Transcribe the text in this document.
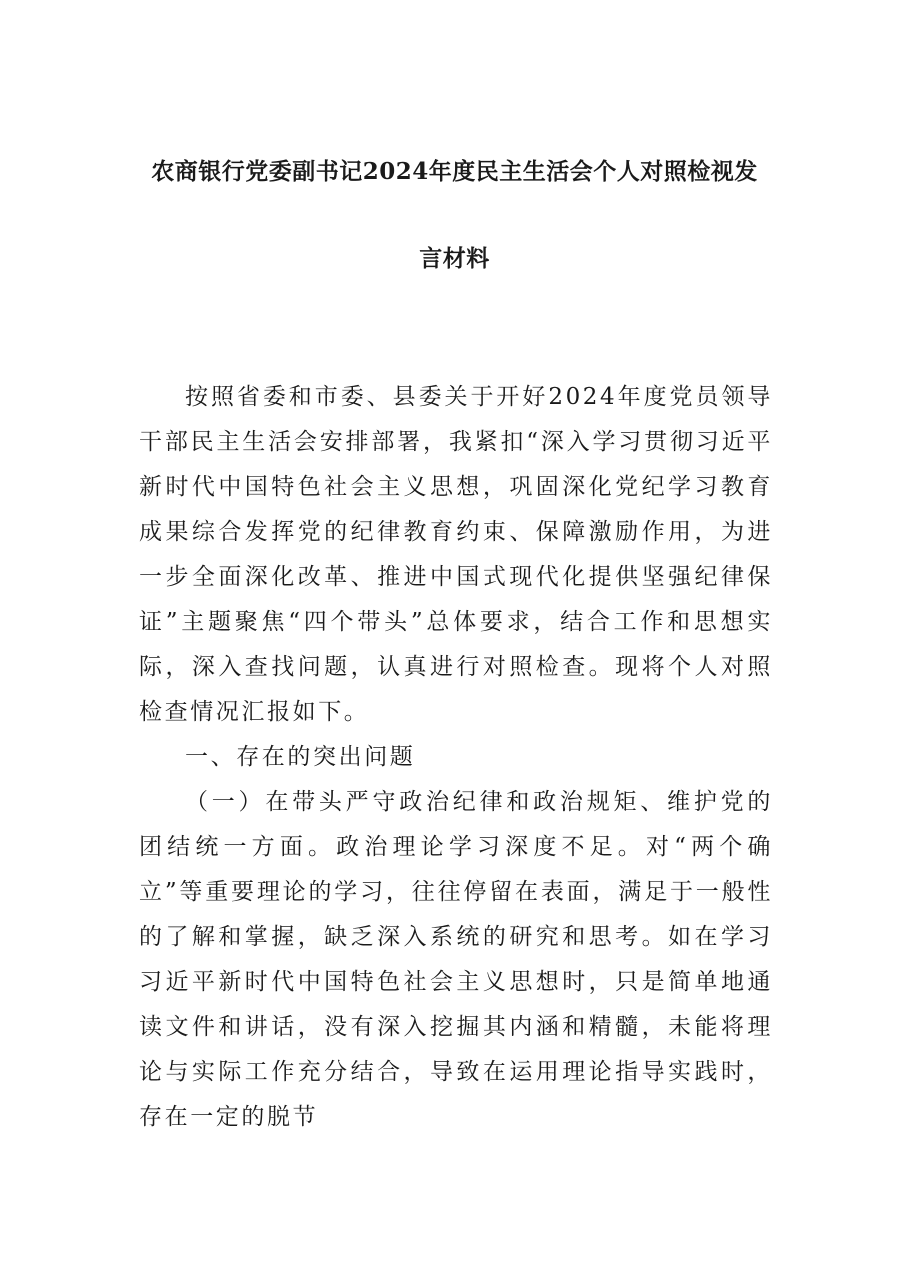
农商银行党委副书记2024年度民主生活会个人对照检视发
言材料

按照省委和市委、县委关于开好2024年度党员领导干部民主生活会安排部署，我紧扣“深入学习贯彻习近平新时代中国特色社会主义思想，巩固深化党纪学习教育成果综合发挥党的纪律教育约束、保障激励作用，为进一步全面深化改革、推进中国式现代化提供坚强纪律保证”主题聚焦“四个带头”总体要求，结合工作和思想实际，深入查找问题，认真进行对照检查。现将个人对照检查情况汇报如下。

一、存在的突出问题

（一）在带头严守政治纪律和政治规矩、维护党的团结统一方面。政治理论学习深度不足。对“两个确立”等重要理论的学习，往往停留在表面，满足于一般性的了解和掌握，缺乏深入系统的研究和思考。如在学习习近平新时代中国特色社会主义思想时，只是简单地通读文件和讲话，没有深入挖掘其内涵和精髓，未能将理论与实际工作充分结合，导致在运用理论指导实践时，存在一定的脱节
